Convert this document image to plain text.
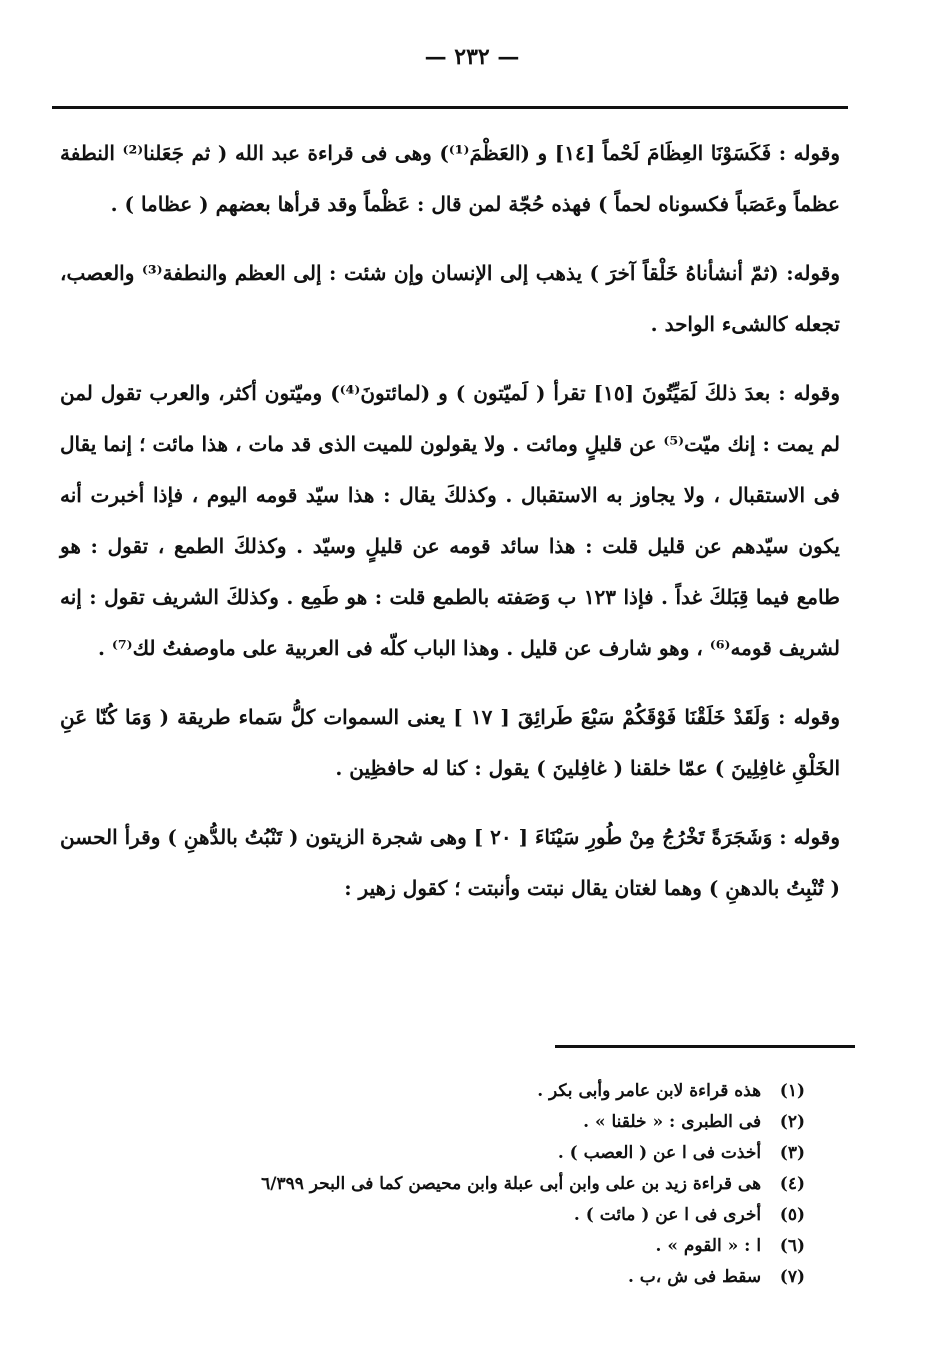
— ٢٣٢ —

وقوله : فَكَسَوْنَا العِظَامَ لَحْماً [١٤] و (العَظْمَ⁽¹⁾) وهى فى قراءة عبد الله ( ثم جَعَلنا⁽²⁾ النطفة عظماً وعَصَباً فكسوناه لحماً ) فهذه حُجّة لمن قال : عَظْماً وقد قرأها بعضهم ( عظاما ) .

وقوله: (ثمّ أنشأناهُ خَلْقاً آخرَ ) يذهب إلى الإنسان وإن شئت : إلى العظم والنطفة⁽³⁾ والعصب، تجعله كالشىء الواحد .

وقوله : بعدَ ذلكَ لَمَيِّتُونَ [١٥] تقرأ ( لَميّتون ) و (لمائتونَ⁽⁴⁾) وميّتون أكثر، والعرب تقول لمن لم يمت : إنك ميّت⁽⁵⁾ عن قليلٍ ومائت . ولا يقولون للميت الذى قد مات ، هذا مائت ؛ إنما يقال فى الاستقبال ، ولا يجاوز به الاستقبال . وكذلكَ يقال : هذا سيّد قومه اليوم ، فإذا أخبرت أنه يكون سيّدهم عن قليل قلت : هذا سائد قومه عن قليلٍ وسيّد . وكذلكَ الطمع ، تقول : هو طامع فيما قِبَلكَ غداً . فإذا ١٢٣ ب وَصَفته بالطمع قلت : هو طَمِع . وكذلكَ الشريف تقول : إنه لشريف قومه⁽⁶⁾ ، وهو شارف عن قليل . وهذا الباب كلّه فى العربية على ماوصفتُ لك⁽⁷⁾ .

وقوله : وَلَقَدْ خَلَقْنَا فَوْقَكُمْ سَبْعَ طَرائِقَ [ ١٧ ] يعنى السموات كلُّ سَماء طريقة ( وَمَا كُنّا عَنِ الخَلْقِ غافِلِينَ ) عمّا خلقنا ( غافِلينَ ) يقول : كنا له حافظِين .

وقوله : وَشَجَرَةً تَخْرُجُ مِنْ طُورِ سَيْنَاءَ [ ٢٠ ] وهى شجرة الزيتون ( تَنْبُتُ بالدُّهنِ ) وقرأ الحسن ( تُنْبِتُ بالدهنِ ) وهما لغتان يقال نبتت وأنبتت ؛ كقول زهير :

(١) هذه قراءة لابن عامر وأبى بكر .
(٢) فى الطبرى : « خلقنا » .
(٣) أخذت فى ا عن ( العصب ) .
(٤) هى قراءة زيد بن على وابن أبى عبلة وابن محيصن كما فى البحر ٦/٣٩٩
(٥) أخرى فى ا عن ( مائت ) .
(٦) ا : « القوم » .
(٧) سقط فى ش ،ب .
